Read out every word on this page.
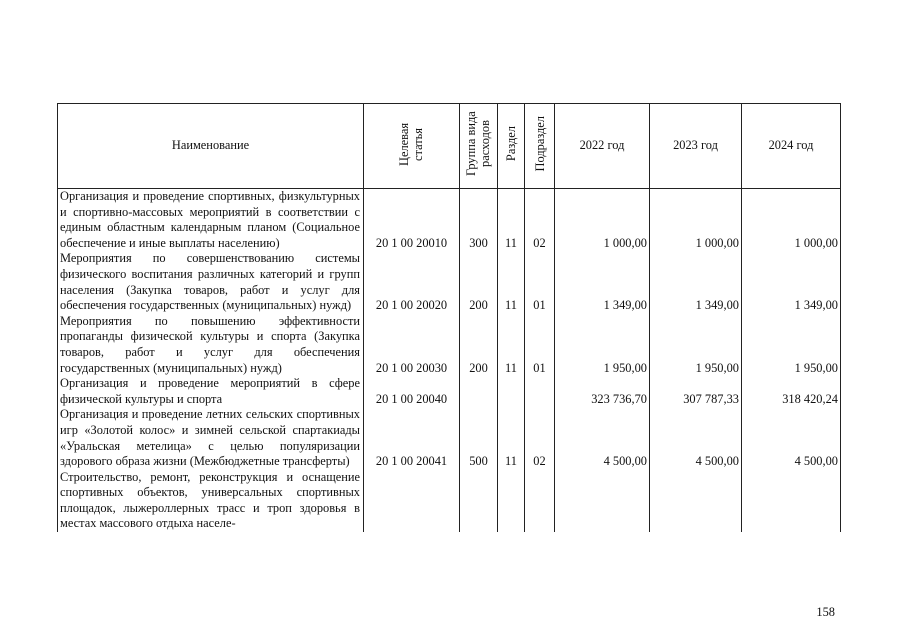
Наименование	Целевая статья	Группа вида расходов	Раздел	Подраздел	2022 год	2023 год	2024 год
Организация и проведение спортивных, физкультурных и спортивно-массовых мероприятий в соответствии с единым областным календарным планом (Социальное обеспечение и иные выплаты населению)	20 1 00 20010	300	11	02	1 000,00	1 000,00	1 000,00
Мероприятия по совершенствованию системы физического воспитания различных категорий и групп населения (Закупка товаров, работ и услуг для обеспечения государственных (муниципальных) нужд)	20 1 00 20020	200	11	01	1 349,00	1 349,00	1 349,00
Мероприятия по повышению эффективности пропаганды физической культуры и спорта (Закупка товаров, работ и услуг для обеспечения государственных (муниципальных) нужд)	20 1 00 20030	200	11	01	1 950,00	1 950,00	1 950,00
Организация и проведение мероприятий в сфере физической культуры и спорта	20 1 00 20040				323 736,70	307 787,33	318 420,24
Организация и проведение летних сельских спортивных игр «Золотой колос» и зимней сельской спартакиады «Уральская метелица» с целью популяризации здорового образа жизни (Межбюджетные трансферты)	20 1 00 20041	500	11	02	4 500,00	4 500,00	4 500,00
Строительство, ремонт, реконструкция и оснащение спортивных объектов, универсальных спортивных площадок, лыжероллерных трасс и троп здоровья в местах массового отдыха населе-							
158
